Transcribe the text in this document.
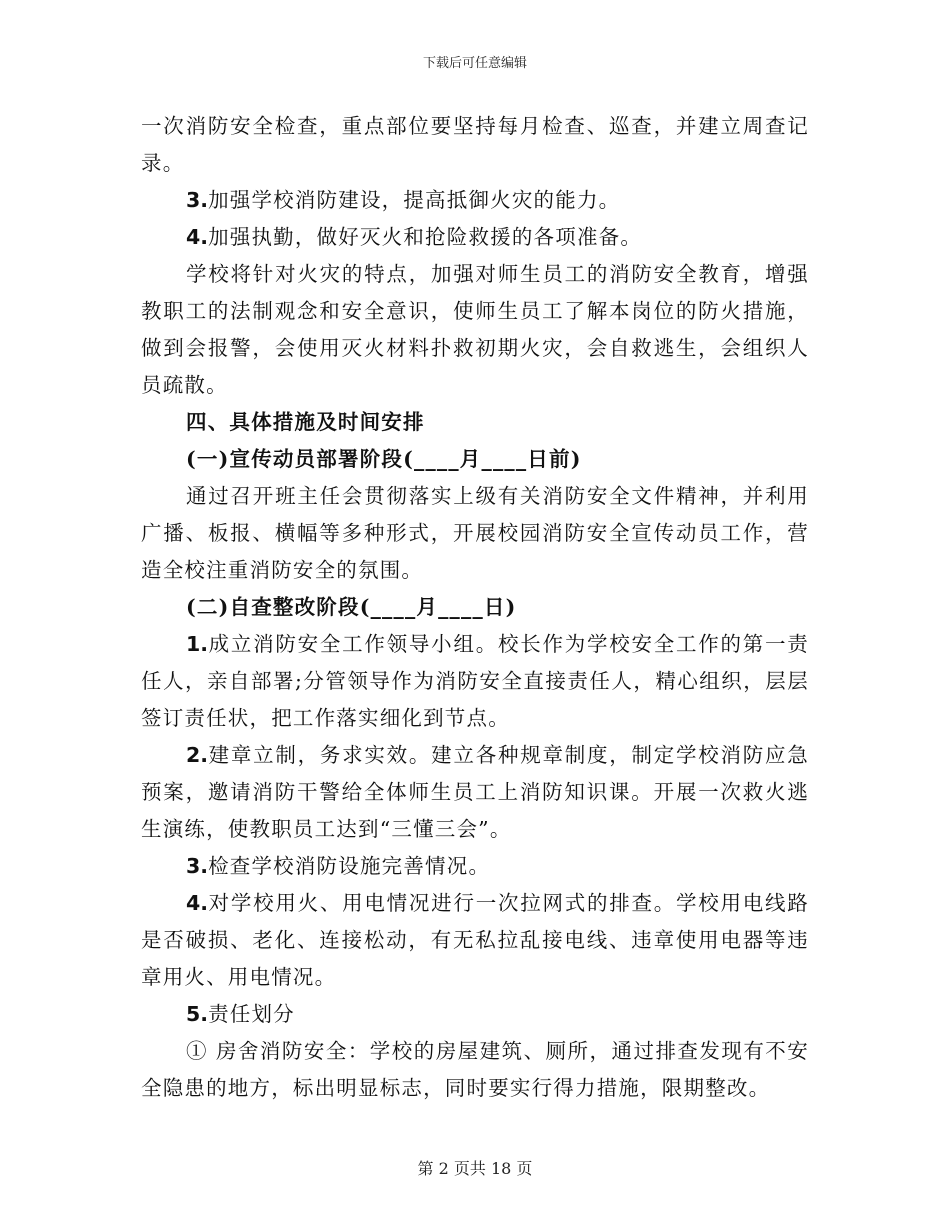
下载后可任意编辑

一次消防安全检查，重点部位要坚持每月检查、巡查，并建立周查记录。

3.加强学校消防建设，提高抵御火灾的能力。

4.加强执勤，做好灭火和抢险救援的各项准备。

学校将针对火灾的特点，加强对师生员工的消防安全教育，增强教职工的法制观念和安全意识，使师生员工了解本岗位的防火措施，做到会报警，会使用灭火材料扑救初期火灾，会自救逃生，会组织人员疏散。

四、具体措施及时间安排

(一)宣传动员部署阶段(____月____日前)

通过召开班主任会贯彻落实上级有关消防安全文件精神，并利用广播、板报、横幅等多种形式，开展校园消防安全宣传动员工作，营造全校注重消防安全的氛围。

(二)自查整改阶段(____月____日)

1.成立消防安全工作领导小组。校长作为学校安全工作的第一责任人，亲自部署;分管领导作为消防安全直接责任人，精心组织，层层签订责任状，把工作落实细化到节点。

2.建章立制，务求实效。建立各种规章制度，制定学校消防应急预案，邀请消防干警给全体师生员工上消防知识课。开展一次救火逃生演练，使教职员工达到“三懂三会”。

3.检查学校消防设施完善情况。

4.对学校用火、用电情况进行一次拉网式的排查。学校用电线路是否破损、老化、连接松动，有无私拉乱接电线、违章使用电器等违章用火、用电情况。

5.责任划分

① 房舍消防安全：学校的房屋建筑、厕所，通过排查发现有不安全隐患的地方，标出明显标志，同时要实行得力措施，限期整改。

第 2 页共 18 页
